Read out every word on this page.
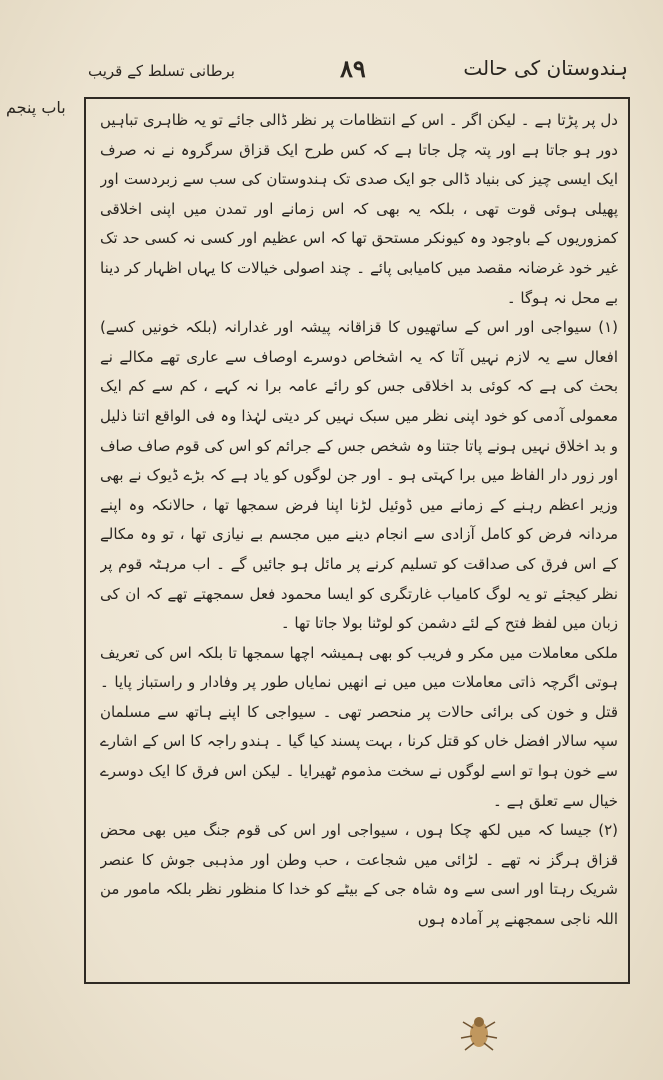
ہندوستان کی حالت
۸۹
برطانی تسلط کے قریب
باب پنجم

دل پر پڑتا ہے ۔ لیکن اگر ۔ اس کے انتظامات پر نظر ڈالی جائے تو یہ ظاہری تباہیں دور ہو جاتا ہے اور پتہ چل جاتا ہے کہ کس طرح ایک قزاق سرگروہ نے نہ صرف ایک ایسی چیز کی بنیاد ڈالی جو ایک صدی تک ہندوستان کی سب سے زبردست اور پھیلی ہوئی قوت تھی ، بلکہ یہ بھی کہ اس زمانے اور تمدن میں اپنی اخلاقی کمزوریوں کے باوجود وہ کیونکر مستحق تھا کہ اس عظیم اور کسی نہ کسی حد تک غیر خود غرضانہ مقصد میں کامیابی پائے ۔ چند اصولی خیالات کا یہاں اظہار کر دینا بے محل نہ ہوگا ۔

(۱) سیواجی اور اس کے ساتھیوں کا قزاقانہ پیشہ اور غدارانہ (بلکہ خونیں کسے) افعال سے یہ لازم نہیں آتا کہ یہ اشخاص دوسرے اوصاف سے عاری تھے مکالے نے بحث کی ہے کہ کوئی بد اخلاقی جس کو رائے عامہ برا نہ کہے ، کم سے کم ایک معمولی آدمی کو خود اپنی نظر میں سبک نہیں کر دیتی لہٰذا وہ فی الواقع اتنا ذلیل و بد اخلاق نہیں ہونے پاتا جتنا وہ شخص جس کے جرائم کو اس کی قوم صاف صاف اور زور دار الفاظ میں برا کہتی ہو ۔ اور جن لوگوں کو یاد ہے کہ بڑے ڈیوک نے بھی وزیر اعظم رہنے کے زمانے میں ڈوئیل لڑنا اپنا فرض سمجھا تھا ، حالانکہ وہ اپنے مردانہ فرض کو کامل آزادی سے انجام دینے میں مجسم بے نیازی تھا ، تو وہ مکالے کے اس فرق کی صداقت کو تسلیم کرنے پر مائل ہو جائیں گے ۔ اب مرہٹہ قوم پر نظر کیجئے تو یہ لوگ کامیاب غارتگری کو ایسا محمود فعل سمجھتے تھے کہ ان کی زبان میں لفظ فتح کے لئے دشمن کو لوٹنا بولا جاتا تھا ۔

ملکی معاملات میں مکر و فریب کو بھی ہمیشہ اچھا سمجھا تا بلکہ اس کی تعریف ہوتی اگرچہ ذاتی معاملات میں میں نے انھیں نمایاں طور پر وفادار و راستباز پایا ۔ قتل و خون کی برائی حالات پر منحصر تھی ۔ سیواجی کا اپنے ہاتھ سے مسلمان سپہ سالار افضل خاں کو قتل کرنا ، بہت پسند کیا گیا ۔ ہندو راجہ کا اس کے اشارے سے خون ہوا تو اسے لوگوں نے سخت مذموم ٹھیرایا ۔ لیکن اس فرق کا ایک دوسرے خیال سے تعلق ہے ۔

(۲) جیسا کہ میں لکھ چکا ہوں ، سیواجی اور اس کی قوم جنگ میں بھی محض قزاق ہرگز نہ تھے ۔ لڑائی میں شجاعت ، حب وطن اور مذہبی جوش کا عنصر شریک رہتا اور اسی سے وہ شاہ جی کے بیٹے کو خدا کا منظور نظر بلکہ مامور من اللہ ناجی سمجھنے پر آمادہ ہوں
